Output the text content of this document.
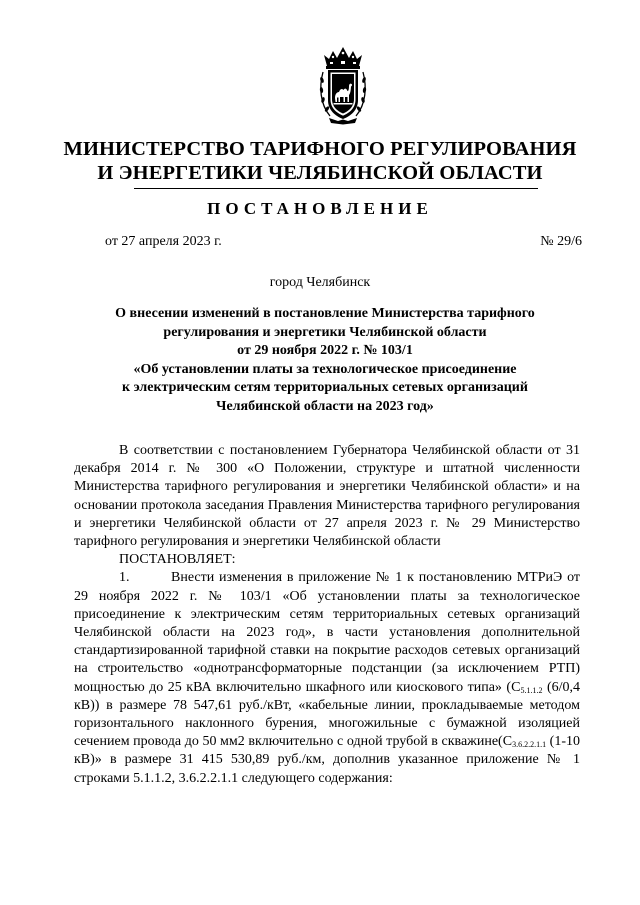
МИНИСТЕРСТВО ТАРИФНОГО РЕГУЛИРОВАНИЯ
И ЭНЕРГЕТИКИ ЧЕЛЯБИНСКОЙ ОБЛАСТИ
ПОСТАНОВЛЕНИЕ
от 27 апреля 2023 г.	№ 29/6
город Челябинск
О внесении изменений в постановление Министерства тарифного
регулирования и энергетики Челябинской области
от 29 ноября 2022 г. № 103/1
«Об установлении платы за технологическое присоединение
к электрическим сетям территориальных сетевых организаций
Челябинской области на 2023 год»
В соответствии с постановлением Губернатора Челябинской области от 31 декабря 2014 г. № 300 «О Положении, структуре и штатной численности Министерства тарифного регулирования и энергетики Челябинской области» и на основании протокола заседания Правления Министерства тарифного регулирования и энергетики Челябинской области от 27 апреля 2023 г. № 29 Министерство тарифного регулирования и энергетики Челябинской области
ПОСТАНОВЛЯЕТ:
1.	Внести изменения в приложение № 1 к постановлению МТРиЭ от 29 ноября 2022 г. № 103/1 «Об установлении платы за технологическое присоединение к электрическим сетям территориальных сетевых организаций Челябинской области на 2023 год», в части установления дополнительной стандартизированной тарифной ставки на покрытие расходов сетевых организаций на строительство «однотрансформаторные подстанции (за исключением РТП) мощностью до 25 кВА включительно шкафного или киоскового типа» ($С_{5.1.1.2}$ (6/0,4 кВ)) в размере 78 547,61 руб./кВт, «кабельные линии, прокладываемые методом горизонтального наклонного бурения, многожильные с бумажной изоляцией сечением провода до 50 мм2 включительно с одной трубой в $скважине(С_{3.6.2.2.1.1}$ (1-10 кВ)» в размере 31 415 530,89 руб./км, дополнив указанное приложение № 1 строками 5.1.1.2, 3.6.2.2.1.1 следующего содержания:
